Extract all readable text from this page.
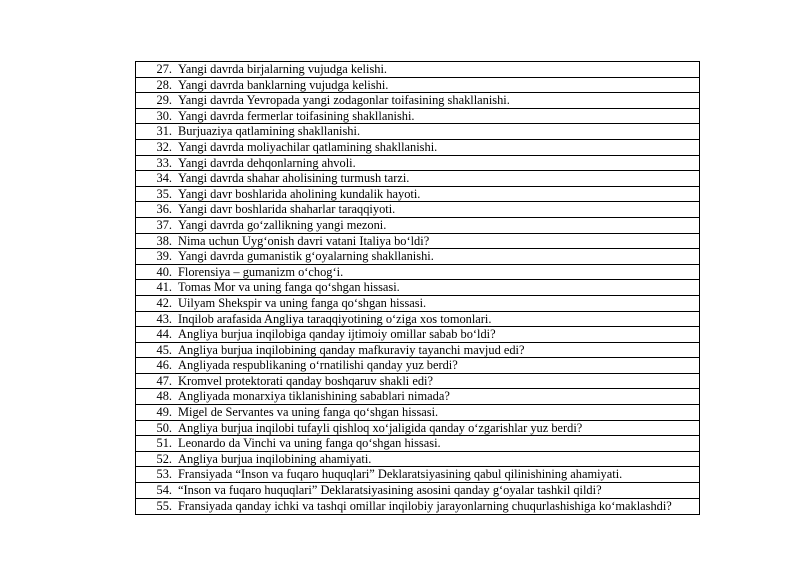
27.	Yangi davrda birjalarning vujudga kelishi.
28.	Yangi davrda banklarning vujudga kelishi.
29.	Yangi davrda Yevropada yangi zodagonlar toifasining shakllanishi.
30.	Yangi davrda fermerlar toifasining shakllanishi.
31.	Burjuaziya qatlamining shakllanishi.
32.	Yangi davrda moliyachilar qatlamining shakllanishi.
33.	Yangi davrda dehqonlarning ahvoli.
34.	Yangi davrda shahar aholisining turmush tarzi.
35.	Yangi davr boshlarida aholining kundalik hayoti.
36.	Yangi davr boshlarida shaharlar taraqqiyoti.
37.	Yangi davrda go‘zallikning yangi mezoni.
38.	Nima uchun Uyg‘onish davri vatani Italiya bo‘ldi?
39.	Yangi davrda gumanistik g‘oyalarning shakllanishi.
40.	Florensiya – gumanizm o‘chog‘i.
41.	Tomas Mor va uning fanga qo‘shgan hissasi.
42.	Uilyam Shekspir va uning fanga qo‘shgan hissasi.
43.	Inqilob arafasida Angliya taraqqiyotining o‘ziga xos tomonlari.
44.	Angliya burjua inqilobiga qanday ijtimoiy omillar sabab bo‘ldi?
45.	Angliya burjua inqilobining qanday mafkuraviy tayanchi mavjud edi?
46.	Angliyada respublikaning o‘rnatilishi qanday yuz berdi?
47.	Kromvel protektorati qanday boshqaruv shakli edi?
48.	Angliyada monarxiya tiklanishining sabablari nimada?
49.	Migel de Servantes va uning fanga qo‘shgan hissasi.
50.	Angliya burjua inqilobi tufayli qishloq xo‘jaligida qanday o‘zgarishlar yuz berdi?
51.	Leonardo da Vinchi va uning fanga qo‘shgan hissasi.
52.	Angliya burjua inqilobining ahamiyati.
53.	Fransiyada “Inson va fuqaro huquqlari” Deklaratsiyasining qabul qilinishining ahamiyati.
54.	“Inson va fuqaro huquqlari” Deklaratsiyasining asosini qanday g‘oyalar tashkil qildi?
55.	Fransiyada qanday ichki va tashqi omillar inqilobiy jarayonlarning chuqurlashishiga ko‘maklashdi?
